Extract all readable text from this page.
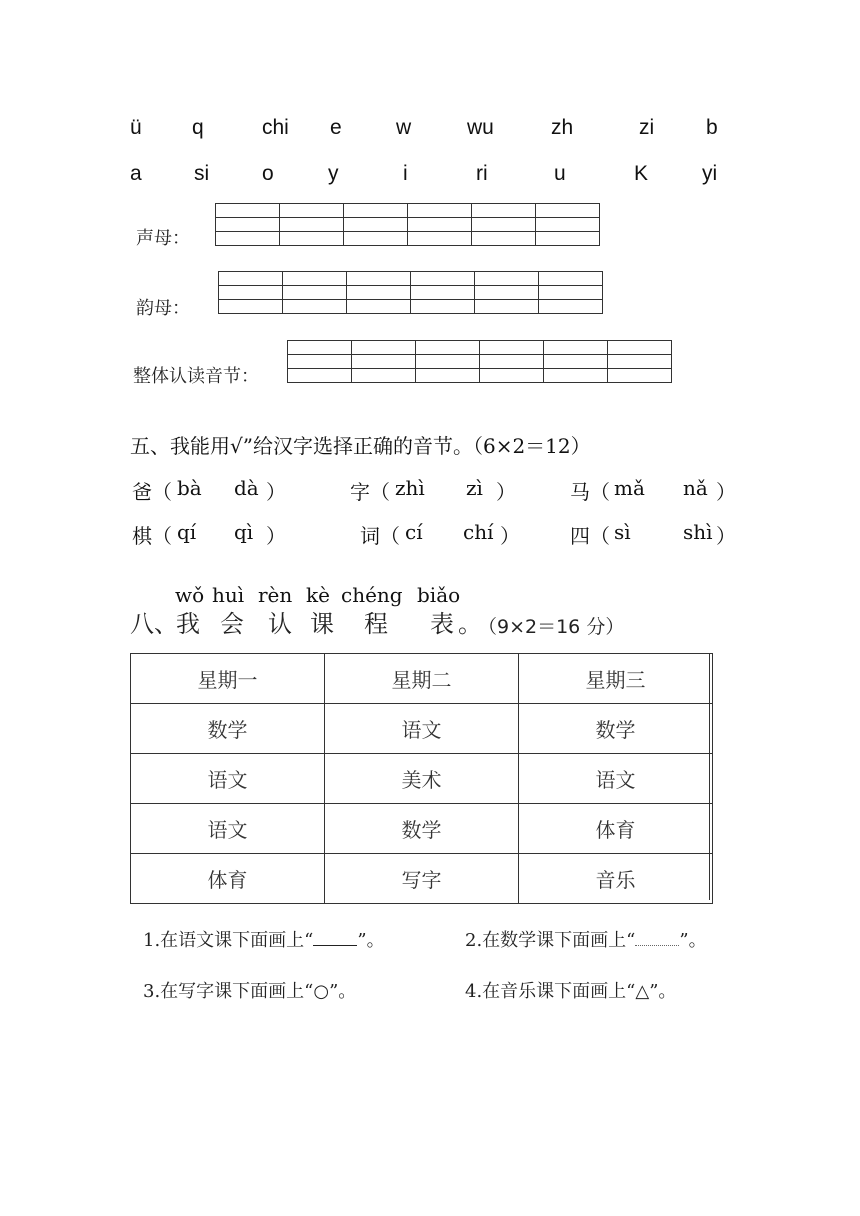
ü q	chi e	w	wu	zh	zi b
a si	o	y	i	ri	u	K	yi
声母：

韵母：

整体认读音节：

五、我能用√”给汉字选择正确的音节。（6×2＝12）
爸 （ bà dà ）	字 （ zhì zì ）	马 （ mǎ nǎ ）
棋 （ qí qì ）	词 （ cí chí ）	四 （ sì	shì ）
wǒ huì rèn kè chéng biǎo
八、
我 会 认 课 程 表 。
（9×2＝16 分）
星期一	星期二	星期三
数学	语文	数学
语文	美术	语文
语文	数学	体育
体育	写字	音乐
1.在语文课下面画上“ ”。	2.在数学课下面画上“ ”。
3.在写字课下面画上“○”。	4.在音乐课下面画上“△”。
